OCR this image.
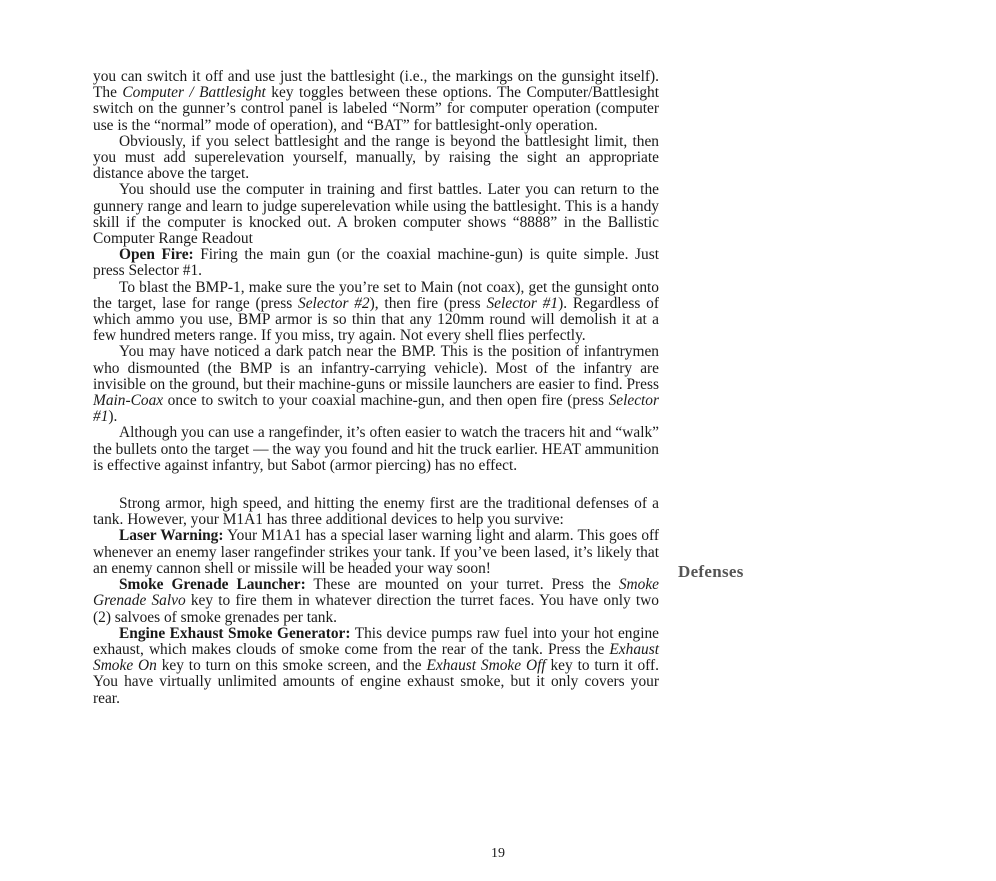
you can switch it off and use just the battlesight (i.e., the markings on the gunsight itself). The Computer / Battlesight key toggles between these options. The Computer/Battlesight switch on the gunner’s control panel is labeled “Norm” for computer operation (computer use is the “normal” mode of operation), and “BAT” for battlesight-only operation.

Obviously, if you select battlesight and the range is beyond the battlesight limit, then you must add superelevation yourself, manually, by raising the sight an appropriate distance above the target.

You should use the computer in training and first battles. Later you can return to the gunnery range and learn to judge superelevation while using the battlesight. This is a handy skill if the computer is knocked out. A broken computer shows “8888” in the Ballistic Computer Range Readout

Open Fire: Firing the main gun (or the coaxial machine-gun) is quite simple. Just press Selector #1.

To blast the BMP-1, make sure the you’re set to Main (not coax), get the gunsight onto the target, lase for range (press Selector #2), then fire (press Selector #1). Regardless of which ammo you use, BMP armor is so thin that any 120mm round will demolish it at a few hundred meters range. If you miss, try again. Not every shell flies perfectly.

You may have noticed a dark patch near the BMP. This is the position of infantrymen who dismounted (the BMP is an infantry-carrying vehicle). Most of the infantry are invisible on the ground, but their machine-guns or missile launchers are easier to find. Press Main-Coax once to switch to your coaxial machine-gun, and then open fire (press Selector #1).

Although you can use a rangefinder, it’s often easier to watch the tracers hit and “walk” the bullets onto the target — the way you found and hit the truck earlier. HEAT ammunition is effective against infantry, but Sabot (armor piercing) has no effect.

Strong armor, high speed, and hitting the enemy first are the traditional defenses of a tank. However, your M1A1 has three additional devices to help you survive:

Laser Warning: Your M1A1 has a special laser warning light and alarm. This goes off whenever an enemy laser rangefinder strikes your tank. If you’ve been lased, it’s likely that an enemy cannon shell or missile will be headed your way soon!

Smoke Grenade Launcher: These are mounted on your turret. Press the Smoke Grenade Salvo key to fire them in whatever direction the turret faces. You have only two (2) salvoes of smoke grenades per tank.

Engine Exhaust Smoke Generator: This device pumps raw fuel into your hot engine exhaust, which makes clouds of smoke come from the rear of the tank. Press the Exhaust Smoke On key to turn on this smoke screen, and the Exhaust Smoke Off key to turn it off. You have virtually unlimited amounts of engine exhaust smoke, but it only covers your rear.

Defenses
19
